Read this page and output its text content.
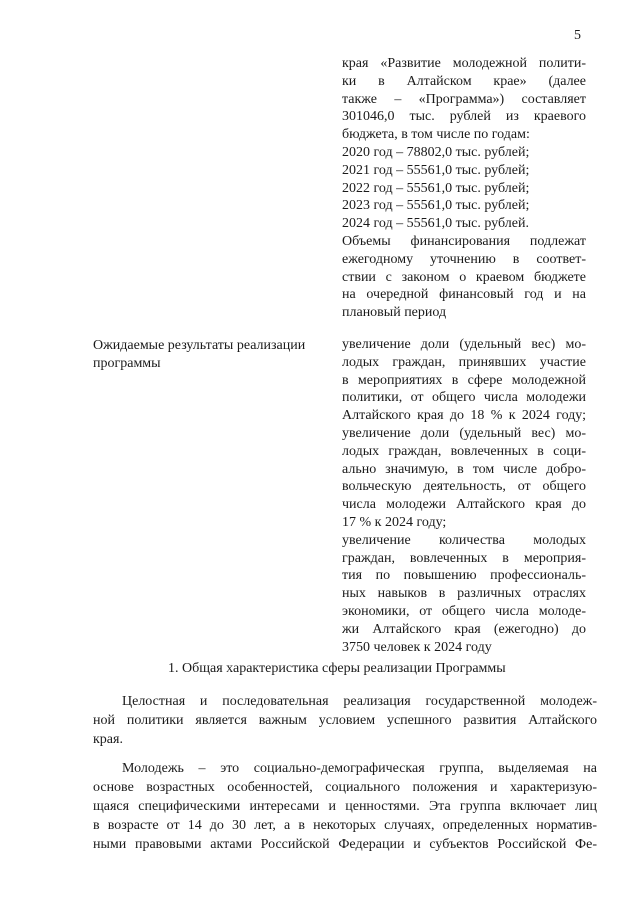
5
края «Развитие молодежной полити-
ки в Алтайском крае» (далее
также – «Программа») составляет
301046,0 тыс. рублей из краевого
бюджета, в том числе по годам:
2020 год – 78802,0 тыс. рублей;
2021 год – 55561,0 тыс. рублей;
2022 год – 55561,0 тыс. рублей;
2023 год – 55561,0 тыс. рублей;
2024 год – 55561,0 тыс. рублей.
Объемы финансирования подлежат
ежегодному уточнению в соответ-
ствии с законом о краевом бюджете
на очередной финансовый год и на
плановый период
Ожидаемые результаты реализации
программы
увеличение доли (удельный вес) мо-
лодых граждан, принявших участие
в мероприятиях в сфере молодежной
политики, от общего числа молодежи
Алтайского края до 18 % к 2024 году;
увеличение доли (удельный вес) мо-
лодых граждан, вовлеченных в соци-
ально значимую, в том числе добро-
вольческую деятельность, от общего
числа молодежи Алтайского края до
17 % к 2024 году;
увеличение количества молодых
граждан, вовлеченных в мероприя-
тия по повышению профессиональ-
ных навыков в различных отраслях
экономики, от общего числа молоде-
жи Алтайского края (ежегодно) до
3750 человек к 2024 году
1. Общая характеристика сферы реализации Программы
Целостная и последовательная реализация государственной молодеж-
ной политики является важным условием успешного развития Алтайского
края.
Молодежь – это социально-демографическая группа, выделяемая на
основе возрастных особенностей, социального положения и характеризую-
щаяся специфическими интересами и ценностями. Эта группа включает лиц
в возрасте от 14 до 30 лет, а в некоторых случаях, определенных норматив-
ными правовыми актами Российской Федерации и субъектов Российской Фе-
